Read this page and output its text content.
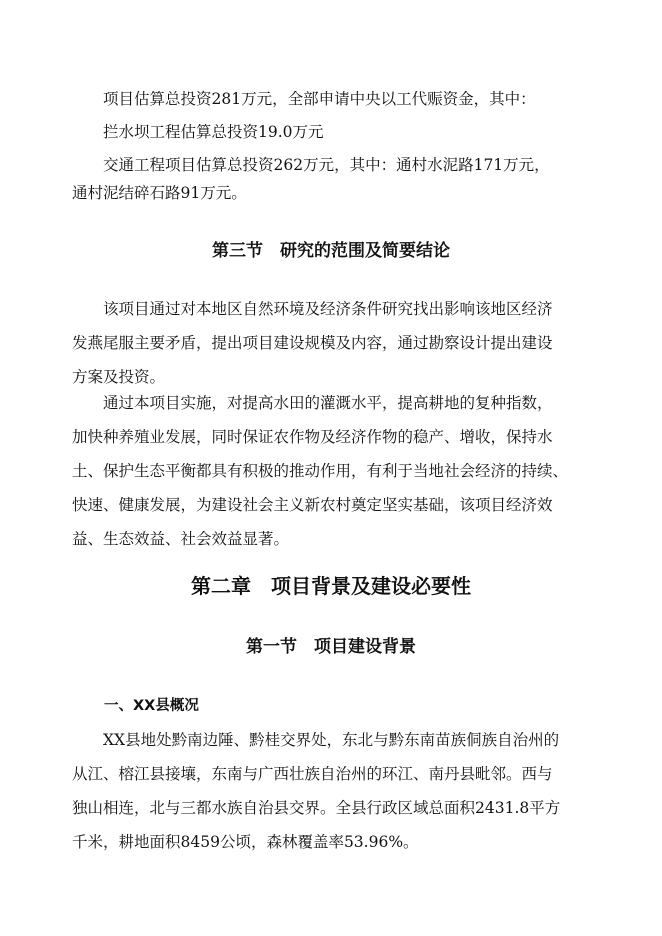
项目估算总投资281万元，全部申请中央以工代赈资金，其中：

拦水坝工程估算总投资19.0万元

交通工程项目估算总投资262万元，其中：通村水泥路171万元，

通村泥结碎石路91万元。

第三节　研究的范围及简要结论

该项目通过对本地区自然环境及经济条件研究找出影响该地区经济
发燕尾服主要矛盾，提出项目建设规模及内容，通过勘察设计提出建设
方案及投资。

通过本项目实施，对提高水田的灌溉水平，提高耕地的复种指数，
加快种养殖业发展，同时保证农作物及经济作物的稳产、增收，保持水
土、保护生态平衡都具有积极的推动作用，有利于当地社会经济的持续、
快速、健康发展，为建设社会主义新农村奠定坚实基础，该项目经济效
益、生态效益、社会效益显著。

第二章　项目背景及建设必要性
第一节　项目建设背景
一、XX县概况

XX县地处黔南边陲、黔桂交界处，东北与黔东南苗族侗族自治州的
从江、榕江县接壤，东南与广西壮族自治州的环江、南丹县毗邻。西与
独山相连，北与三都水族自治县交界。全县行政区域总面积2431.8平方
千米，耕地面积8459公顷，森林覆盖率53.96%。
